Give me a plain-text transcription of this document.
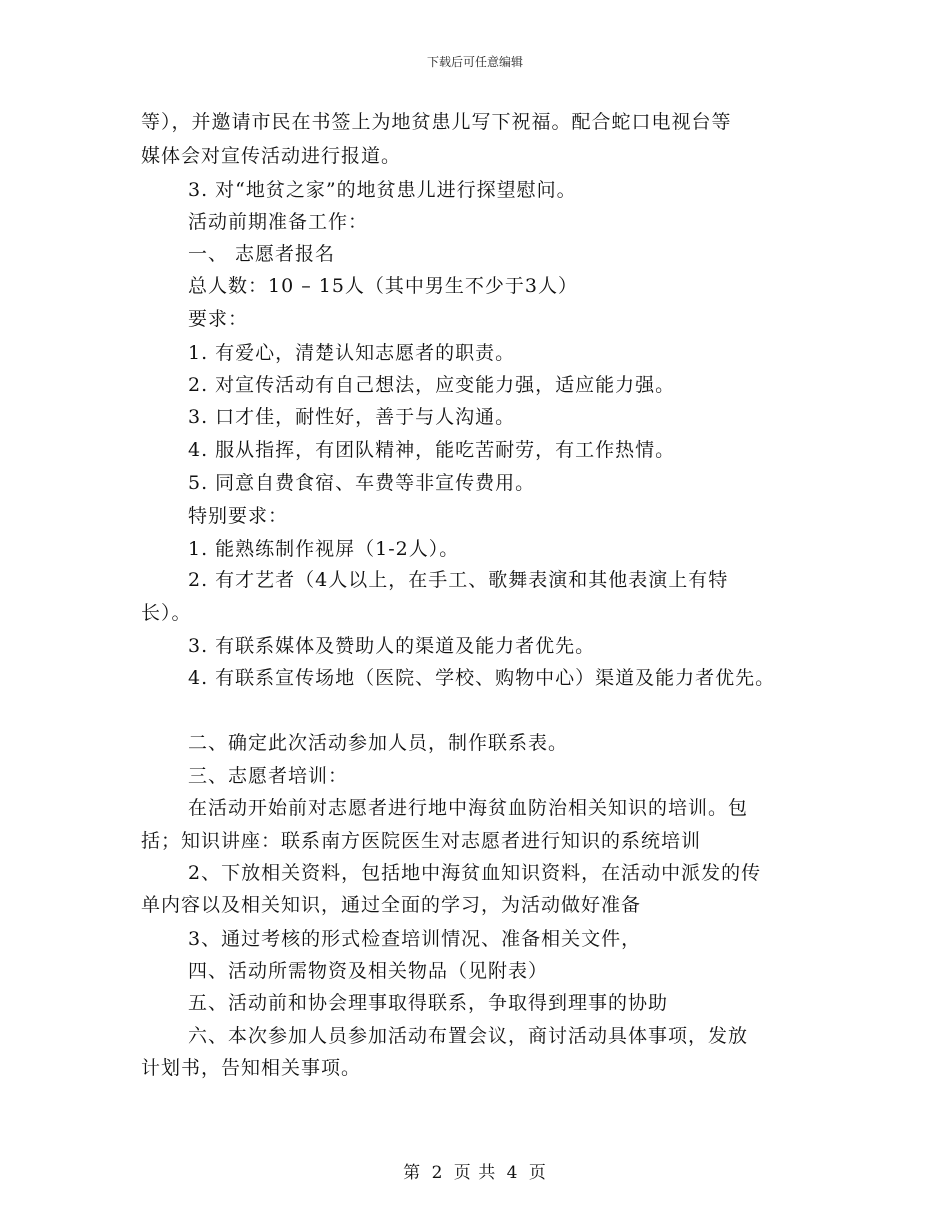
下载后可任意编辑
等），并邀请市民在书签上为地贫患儿写下祝福。配合蛇口电视台等
媒体会对宣传活动进行报道。
3. 对“地贫之家”的地贫患儿进行探望慰问。
活动前期准备工作：
一、 志愿者报名
总人数：10 – 15人（其中男生不少于3人）
要求：
1. 有爱心，清楚认知志愿者的职责。
2. 对宣传活动有自己想法，应变能力强，适应能力强。
3. 口才佳，耐性好，善于与人沟通。
4. 服从指挥，有团队精神，能吃苦耐劳，有工作热情。
5. 同意自费食宿、车费等非宣传费用。
特别要求：
1. 能熟练制作视屏（1-2人）。
2. 有才艺者（4人以上，在手工、歌舞表演和其他表演上有特
长）。
3. 有联系媒体及赞助人的渠道及能力者优先。
4. 有联系宣传场地（医院、学校、购物中心）渠道及能力者优先。
二、确定此次活动参加人员，制作联系表。
三、志愿者培训：
在活动开始前对志愿者进行地中海贫血防治相关知识的培训。包
括；知识讲座：联系南方医院医生对志愿者进行知识的系统培训
2、下放相关资料，包括地中海贫血知识资料，在活动中派发的传
单内容以及相关知识，通过全面的学习，为活动做好准备
3、通过考核的形式检查培训情况、准备相关文件，
四、活动所需物资及相关物品（见附表）
五、活动前和协会理事取得联系，争取得到理事的协助
六、本次参加人员参加活动布置会议，商讨活动具体事项，发放
计划书，告知相关事项。
第 2 页 共 4 页
